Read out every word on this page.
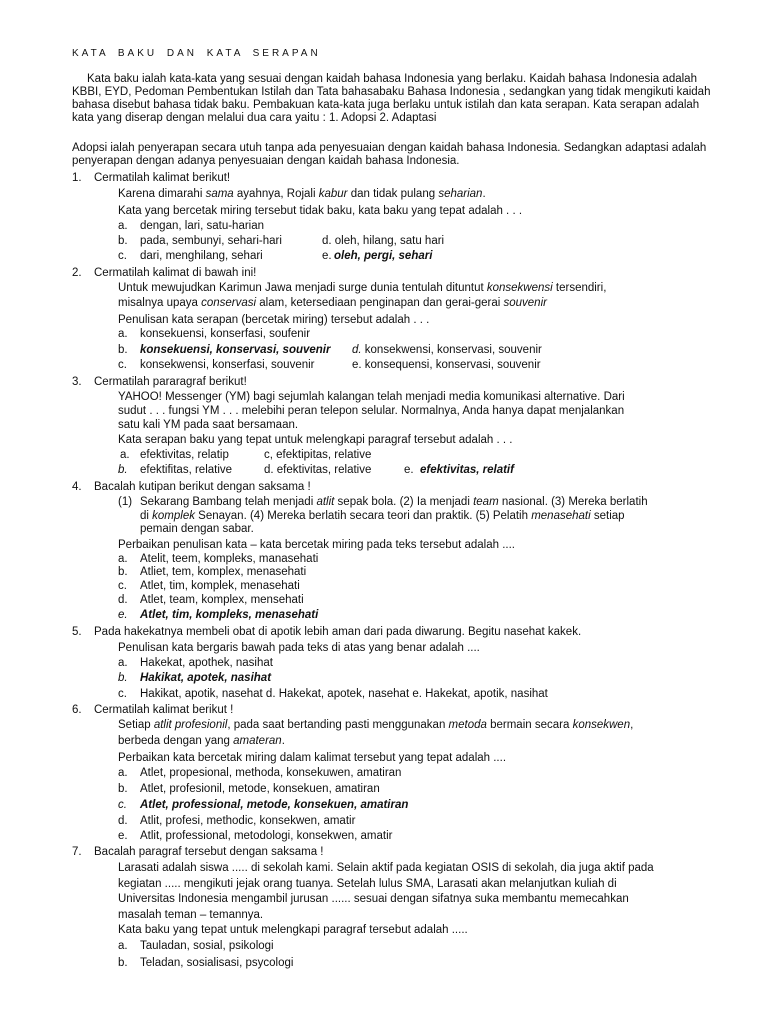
KATA BAKU DAN KATA SERAPAN
Kata baku ialah kata-kata yang sesuai dengan kaidah bahasa Indonesia yang berlaku. Kaidah bahasa Indonesia adalah KBBI, EYD, Pedoman Pembentukan Istilah dan Tata bahasabaku Bahasa Indonesia , sedangkan yang tidak mengikuti kaidah bahasa disebut bahasa tidak baku. Pembakuan kata-kata juga berlaku untuk istilah dan kata serapan. Kata serapan adalah kata yang diserap dengan melalui dua cara yaitu : 1. Adopsi 2. Adaptasi
Adopsi ialah penyerapan secara utuh tanpa ada penyesuaian dengan kaidah bahasa Indonesia. Sedangkan adaptasi adalah penyerapan dengan adanya penyesuaian dengan kaidah bahasa Indonesia.
1. Cermatilah kalimat berikut!
Karena dimarahi sama ayahnya, Rojali kabur dan tidak pulang seharian.
Kata yang bercetak miring tersebut tidak baku, kata baku yang tepat adalah . . .
a. dengan, lari, satu-harian
b. pada, sembunyi, sehari-hari	d. oleh, hilang, satu hari
c. dari, menghilang, sehari	e. oleh, pergi, sehari
2. Cermatilah kalimat di bawah ini!
Untuk mewujudkan Karimun Jawa menjadi surge dunia tentulah dituntut konsekwensi tersendiri,
misalnya upaya conservasi alam, ketersediaan penginapan dan gerai-gerai souvenir
Penulisan kata serapan (bercetak miring) tersebut adalah . . .
a. konsekuensi, konserfasi, soufenir
b. konsekuensi, konservasi, souvenir d. konsekwensi, konservasi, souvenir
c. konsekwensi, konserfasi, souvenir	e. konsequensi, konservasi, souvenir
3. Cermatilah pararagraf berikut!
YAHOO! Messenger (YM) bagi sejumlah kalangan telah menjadi media komunikasi alternative. Dari
sudut . . . fungsi YM . . . melebihi peran telepon selular. Normalnya, Anda hanya dapat menjalankan
satu kali YM pada saat bersamaan.
Kata serapan baku yang tepat untuk melengkapi paragraf tersebut adalah . . .
a. efektivitas, relatip	c, efektipitas, relative
b. efektifitas, relative	d. efektivitas, relative	e. efektivitas, relatif
4. Bacalah kutipan berikut dengan saksama !
(1) Sekarang Bambang telah menjadi atlit sepak bola. (2) Ia menjadi team nasional. (3) Mereka berlatih
di komplek Senayan. (4) Mereka berlatih secara teori dan praktik. (5) Pelatih menasehati setiap
pemain dengan sabar.
Perbaikan penulisan kata – kata bercetak miring pada teks tersebut adalah ....
a. Atelit, teem, kompleks, manasehati
b. Atliet, tem, komplex, menasehati
c. Atlet, tim, komplek, menasehati
d. Atlet, team, komplex, mensehati
e. Atlet, tim, kompleks, menasehati
5. Pada hakekatnya membeli obat di apotik lebih aman dari pada diwarung. Begitu nasehat kakek.
Penulisan kata bergaris bawah pada teks di atas yang benar adalah ....
a. Hakekat, apothek, nasihat
b. Hakikat, apotek, nasihat
c. Hakikat, apotik, nasehat d. Hakekat, apotek, nasehat e. Hakekat, apotik, nasihat
6. Cermatilah kalimat berikut !
Setiap atlit profesionil, pada saat bertanding pasti menggunakan metoda bermain secara konsekwen,
berbeda dengan yang amateran.
Perbaikan kata bercetak miring dalam kalimat tersebut yang tepat adalah ....
a. Atlet, propesional, methoda, konsekuwen, amatiran
b. Atlet, profesionil, metode, konsekuen, amatiran
c. Atlet, professional, metode, konsekuen, amatiran
d. Atlit, profesi, methodic, konsekwen, amatir
e. Atlit, professional, metodologi, konsekwen, amatir
7. Bacalah paragraf tersebut dengan saksama !
Larasati adalah siswa ..... di sekolah kami. Selain aktif pada kegiatan OSIS di sekolah, dia juga aktif pada
kegiatan ..... mengikuti jejak orang tuanya. Setelah lulus SMA, Larasati akan melanjutkan kuliah di
Universitas Indonesia mengambil jurusan ...... sesuai dengan sifatnya suka membantu memecahkan
masalah teman – temannya.
Kata baku yang tepat untuk melengkapi paragraf tersebut adalah .....
a. Tauladan, sosial, psikologi
b. Teladan, sosialisasi, psycologi
